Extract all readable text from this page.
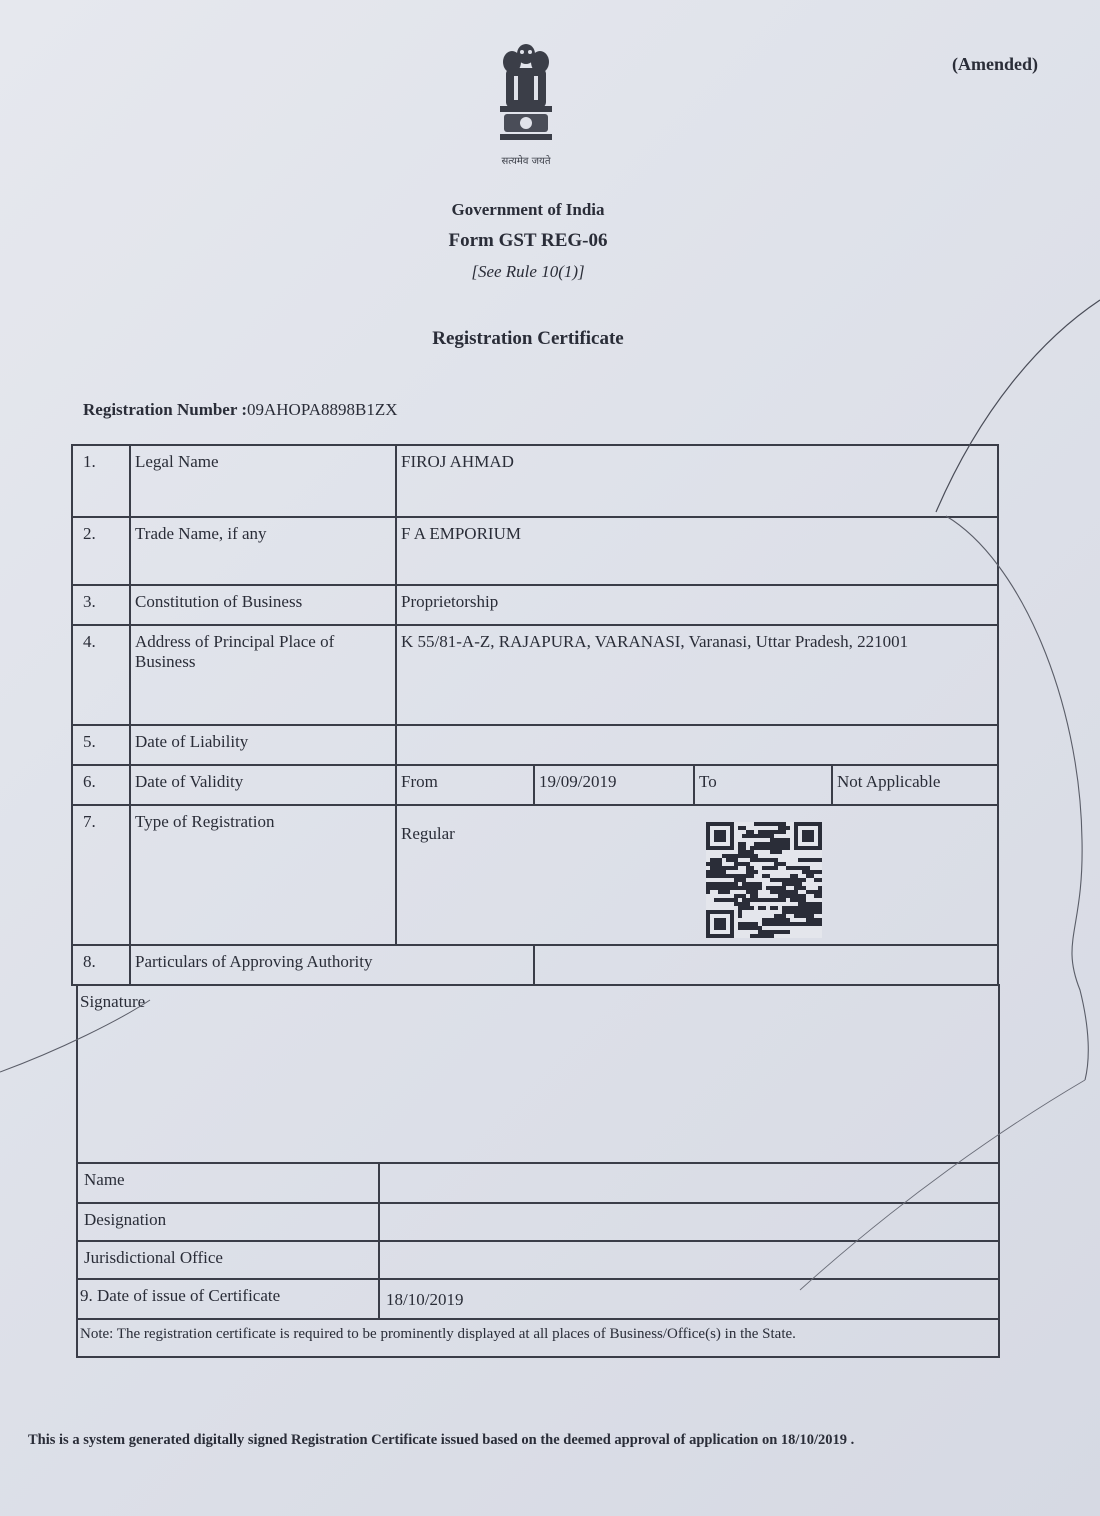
सत्यमेव जयते
(Amended)
Government of India
Form GST REG-06
[See Rule 10(1)]
Registration Certificate
Registration Number :09AHOPA8898B1ZX
1.	Legal Name	FIROJ AHMAD			
2.	Trade Name, if any	F A EMPORIUM			
3.	Constitution of Business	Proprietorship			
4.	Address of Principal Place of Business	K 55/81-A-Z, RAJAPURA, VARANASI, Varanasi, Uttar Pradesh, 221001			
5.	Date of Liability				
6.	Date of Validity	From	19/09/2019	To	Not Applicable
7.	Type of Registration	Regular			

8.	Particulars of Approving Authority				
Signature	
Name	
Designation	
Jurisdictional Office	
9. Date of issue of Certificate	18/10/2019
Note: The registration certificate is required to be prominently displayed at all places of Business/Office(s) in the State.	
This is a system generated digitally signed Registration Certificate issued based on the deemed approval of application on 18/10/2019 .
